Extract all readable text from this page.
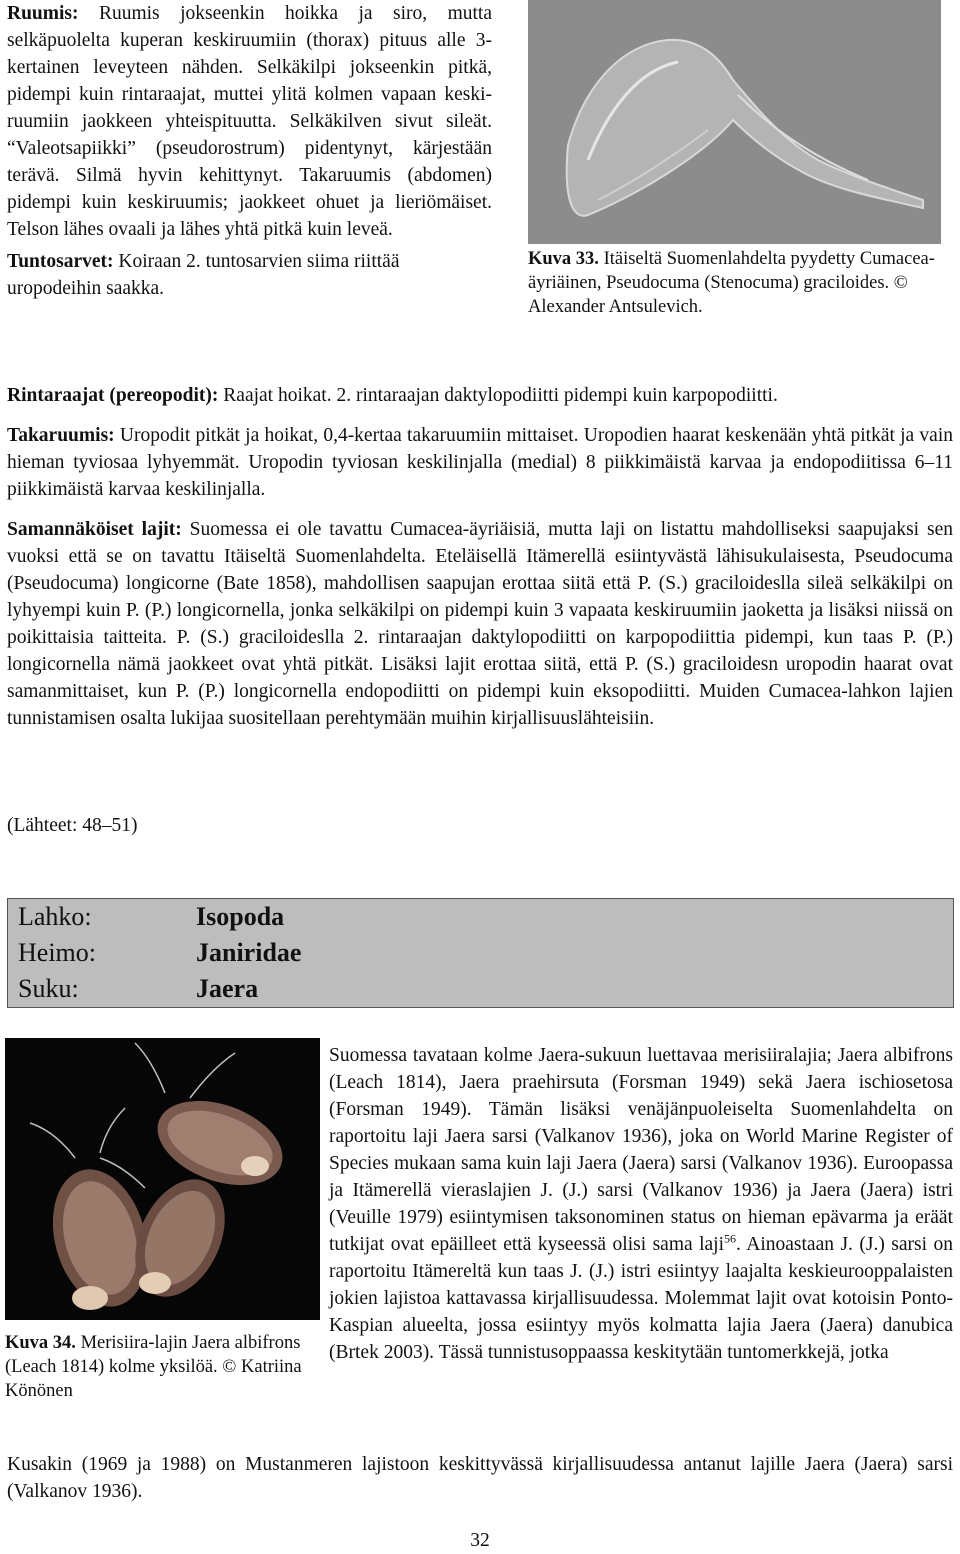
Ruumis: Ruumis jokseenkin hoikka ja siro, mutta selkäpuolelta kuperan keskiruumiin (thorax) pituus alle 3-kertainen leveyteen nähden. Selkäkilpi jokseenkin pitkä, pidempi kuin rintaraajat, muttei ylitä kolmen vapaan keski-ruumiin jaokkeen yhteispituutta. Selkäkilven sivut sileät. “Valeotsapiikki” (pseudorostrum) pidentynyt, kärjestään terävä. Silmä hyvin kehittynyt. Takaruumis (abdomen) pidempi kuin keskiruumis; jaokkeet ohuet ja lieriömäiset. Telson lähes ovaali ja lähes yhtä pitkä kuin leveä.

Tuntosarvet: Koiraan 2. tuntosarvien siima riittää uropodeihin saakka.

Kuva 33. Itäiseltä Suomenlahdelta pyydetty Cumacea-äyriäinen, Pseudocuma (Stenocuma) graciloides. © Alexander Antsulevich.

Rintaraajat (pereopodit): Raajat hoikat. 2. rintaraajan daktylopodiitti pidempi kuin karpopodiitti.

Takaruumis: Uropodit pitkät ja hoikat, 0,4-kertaa takaruumiin mittaiset. Uropodien haarat keskenään yhtä pitkät ja vain hieman tyviosaa lyhyemmät. Uropodin tyviosan keskilinjalla (medial) 8 piikkimäistä karvaa ja endopodiitissa 6–11 piikkimäistä karvaa keskilinjalla.

Samannäköiset lajit: Suomessa ei ole tavattu Cumacea-äyriäisiä, mutta laji on listattu mahdolliseksi saapujaksi sen vuoksi että se on tavattu Itäiseltä Suomenlahdelta. Eteläisellä Itämerellä esiintyvästä lähisukulaisesta, Pseudocuma (Pseudocuma) longicorne (Bate 1858), mahdollisen saapujan erottaa siitä että P. (S.) graciloidesllа sileä selkäkilpi on lyhyempi kuin P. (P.) longicornella, jonka selkäkilpi on pidempi kuin 3 vapaata keskiruumiin jaokettа ja lisäksi niissä on poikittaisia taitteita. P. (S.) graciloidesllа 2. rintaraajan daktylopodiitti on karpopodiittia pidempi, kun taas P. (P.) longicornella nämä jaokkeet ovat yhtä pitkät. Lisäksi lajit erottaa siitä, että P. (S.) graciloidesn uropodin haarat ovat samanmittaiset, kun P. (P.) longicornella endopodiitti on pidempi kuin eksopodiitti. Muiden Cumacea-lahkon lajien tunnistamisen osalta lukijaa suositellaan perehtymään muihin kirjallisuuslähteisiin.

(Lähteet: 48–51)

Lahko:	Isopoda
Heimo:	Janiridae
Suku:	Jaera

Kuva 34. Merisiira-lajin Jaera albifrons (Leach 1814) kolme yksilöä. © Katriina Könönen

Suomessa tavataan kolme Jaera-sukuun luettavaa merisiiralajia; Jaera albifrons (Leach 1814), Jaera praehirsuta (Forsman 1949) sekä Jaera ischiosetosa (Forsman 1949). Tämän lisäksi venäjänpuoleiselta Suomenlahdelta on raportoitu laji Jaera sarsi (Valkanov 1936), joka on World Marine Register of Species mukaan sama kuin laji Jaera (Jaera) sarsi (Valkanov 1936). Euroopassa ja Itämerellä vieraslajien J. (J.) sarsi (Valkanov 1936) ja Jaera (Jaera) istri (Veuille 1979) esiintymisen taksonominen status on hieman epävarma ja eräät tutkijat ovat epäilleet että kyseessä olisi sama laji$^{56}$. Ainoastaan J. (J.) sarsi on raportoitu Itämereltä kun taas J. (J.) istri esiintyy laajalta keskieurooppalaisten jokien lajistoa kattavassa kirjallisuudessa. Molemmat lajit ovat kotoisin Ponto-Kaspian alueelta, jossa esiintyy myös kolmatta lajia Jaera (Jaera) danubica (Brtek 2003). Tässä tunnistusoppaassa keskitytään tuntomerkkejä, jotka

Kusakin (1969 ja 1988) on Mustanmeren lajistoon keskittyvässä kirjallisuudessa antanut lajille Jaera (Jaera) sarsi (Valkanov 1936).

32
